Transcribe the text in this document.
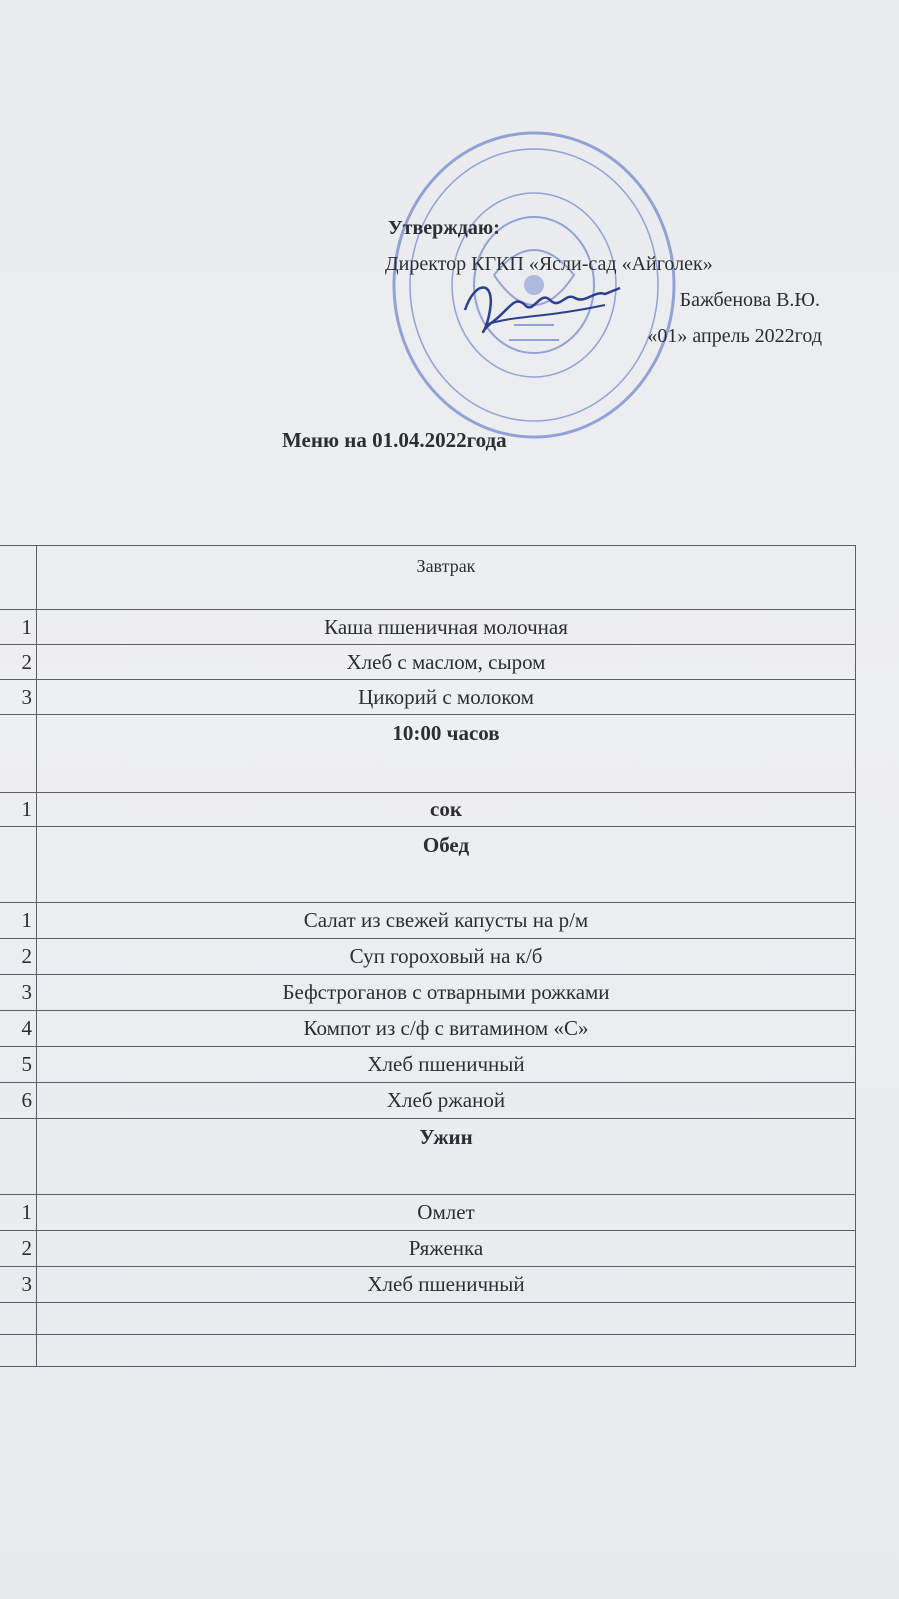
Утверждаю:
Директор КГКП «Ясли-сад «Айголек»
Бажбенова В.Ю.
«01» апрель 2022год
Меню на 01.04.2022года
	Завтрак
1	Каша пшеничная молочная
2	Хлеб с маслом, сыром
3	Цикорий с молоком
	10:00 часов
1	сок
	Обед
1	Салат из свежей капусты на р/м
2	Суп гороховый на к/б
3	Бефстроганов с отварными рожками
4	Компот из с/ф с витамином «С»
5	Хлеб пшеничный
6	Хлеб ржаной
	Ужин
1	Омлет
2	Ряженка
3	Хлеб пшеничный
